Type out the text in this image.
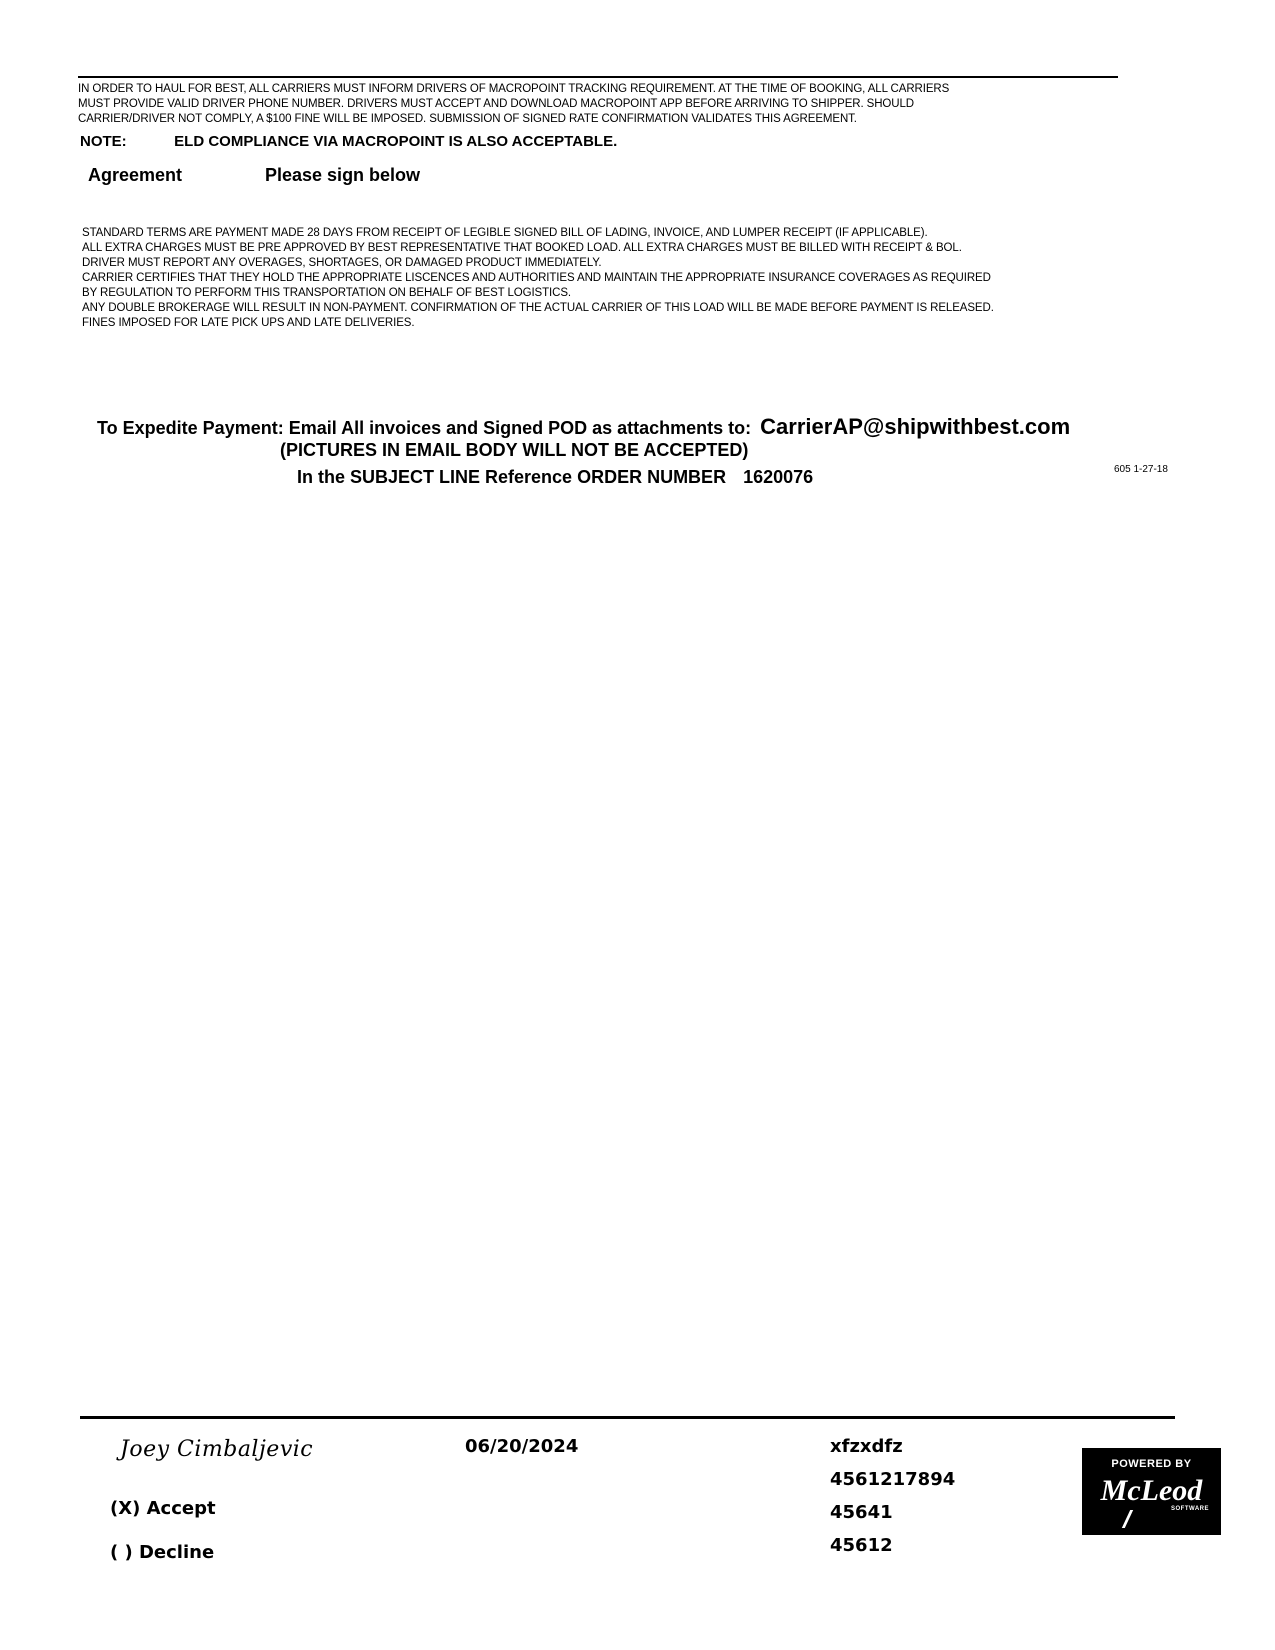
IN ORDER TO HAUL FOR BEST, ALL CARRIERS MUST INFORM DRIVERS OF MACROPOINT TRACKING REQUIREMENT. AT THE TIME OF BOOKING, ALL CARRIERS
MUST PROVIDE VALID DRIVER PHONE NUMBER. DRIVERS MUST ACCEPT AND DOWNLOAD MACROPOINT APP BEFORE ARRIVING TO SHIPPER. SHOULD
CARRIER/DRIVER NOT COMPLY, A $100 FINE WILL BE IMPOSED. SUBMISSION OF SIGNED RATE CONFIRMATION VALIDATES THIS AGREEMENT.
NOTE:	ELD COMPLIANCE VIA MACROPOINT IS ALSO ACCEPTABLE.
Agreement	Please sign below
STANDARD TERMS ARE PAYMENT MADE 28 DAYS FROM RECEIPT OF LEGIBLE SIGNED BILL OF LADING, INVOICE, AND LUMPER RECEIPT (IF APPLICABLE).
ALL EXTRA CHARGES MUST BE PRE APPROVED BY BEST REPRESENTATIVE THAT BOOKED LOAD. ALL EXTRA CHARGES MUST BE BILLED WITH RECEIPT & BOL.
DRIVER MUST REPORT ANY OVERAGES, SHORTAGES, OR DAMAGED PRODUCT IMMEDIATELY.
CARRIER CERTIFIES THAT THEY HOLD THE APPROPRIATE LISCENCES AND AUTHORITIES AND MAINTAIN THE APPROPRIATE INSURANCE COVERAGES AS REQUIRED
BY REGULATION TO PERFORM THIS TRANSPORTATION ON BEHALF OF BEST LOGISTICS.
ANY DOUBLE BROKERAGE WILL RESULT IN NON-PAYMENT. CONFIRMATION OF THE ACTUAL CARRIER OF THIS LOAD WILL BE MADE BEFORE PAYMENT IS RELEASED.
FINES IMPOSED FOR LATE PICK UPS AND LATE DELIVERIES.
To Expedite Payment: Email All invoices and Signed POD as attachments to: CarrierAP@shipwithbest.com
(PICTURES IN EMAIL BODY WILL NOT BE ACCEPTED)
In the SUBJECT LINE Reference ORDER NUMBER 1620076	605 1-27-18
Joey Cimbaljevic	06/20/2024
(X) Accept
( ) Decline
xfzxdfz
4561217894
45641
45612
POWERED BY
McLeod
SOFTWARE
